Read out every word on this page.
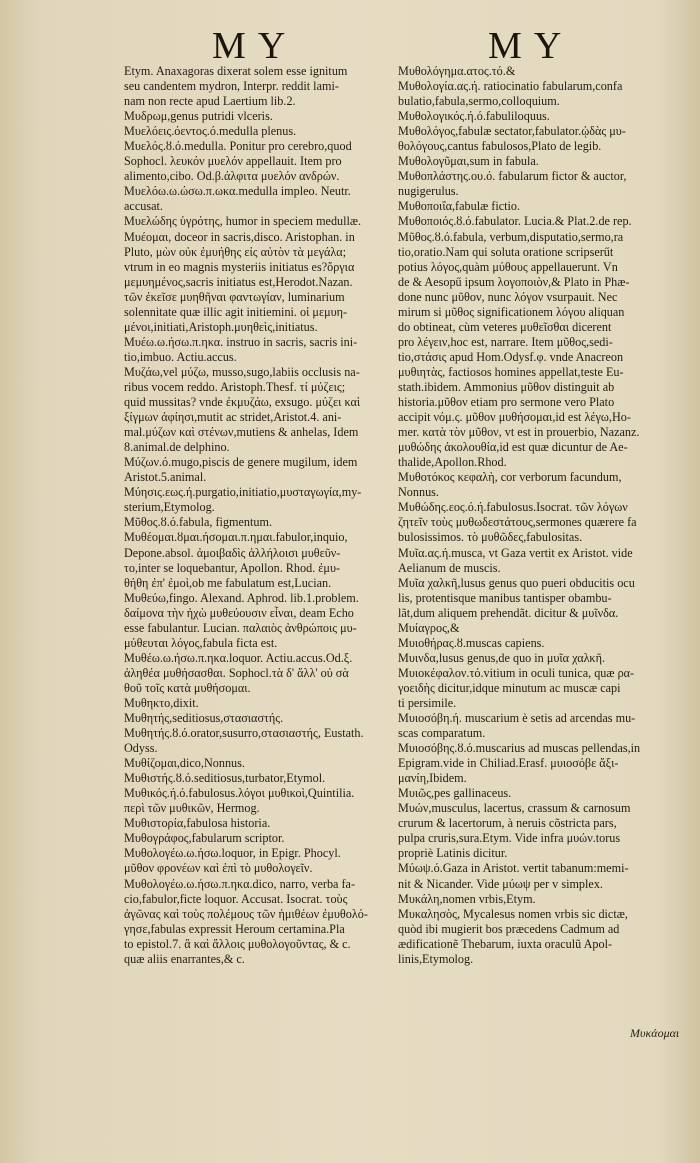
M Y	M Y
Etym. Anaxagoras dixerat solem esse ignitum
seu candentem mydron, Interpr. reddit lami-
nam non recte apud Laertium lib.2.
Μυδρωμ,genus putridi vlceris.
Μυελόεις.όεντος.ό.medulla plenus.
Μυελός.ȣ.ό.medulla. Ponitur pro cerebro,quod
Sophocl. λευκόν μυελόν appellauit. Item pro
alimento,cibo. Od.β.άλφιτα μυελόν ανδρών.
Μυελόω.ω.ώσω.π.ωκα.medulla impleo. Neutr.
accusat.
Μυελώδης ὑγρότης, humor in speciem medullæ.
Μυέομαι, doceor in sacris,disco. Aristophan. in
Pluto, μὼν οὐκ ἐμυήθης εἰς αὐτὸν τὰ μεγάλα;
vtrum in eo magnis mysteriis initiatus es?ὄργια
μεμυημένος,sacris initiatus est,Herodot.Nazan.
τῶν ἐκεῖσε μυηθῆναι φαντωγίαν, luminarium
solennitate quæ illic agit initiemini. οἱ μεμυη-
μένοι,initiati,Aristoph.μυηθεὶς,initiatus.
Μυέω.ω.ήσω.π.ηκα. instruo in sacris, sacris ini-
tio,imbuo. Actiu.accus.
Μυζάω,vel μύζω, musso,sugo,labiis occlusis na-
ribus vocem reddo. Aristoph.Thesf. τί μύζεις;
quid mussitas? vnde ἐκμυζάω, exsugo. μύζει καὶ
ξίγμων ἀφίησι,mutit ac stridet,Aristot.4. ani-
mal.μύζων καὶ στένων,mutiens & anhelas, Idem
8.animal.de delphino.
Μύζων.ό.mugo,piscis de genere mugilum, idem
Aristot.5.animal.
Μύησις.εως.ή.purgatio,initiatio,μυσταγωγία,my-
sterium,Etymolog.
Μῦθος.ȣ.ό.fabula, figmentum.
Μυθέομαι.ȣμαι.ήσομαι.π.ημαι.fabulor,inquio,
Depone.absol. ἀμοιβαδὶς ἀλλήλοισι μυθεῦν-
το,inter se loquebantur, Apollon. Rhod. ἐμυ-
θήθη ἐπ' ἐμοὶ,ob me fabulatum est,Lucian.
Μυθεύω,fingo. Alexand. Aphrod. lib.1.problem.
δαίμονα τὴν ἠχὼ μυθεύουσιν εἶναι, deam Echo
esse fabulantur. Lucian. παλαιὸς ἀνθρώποις μυ-
μύθευται λόγος,fabula ficta est.
Μυθέω.ω.ήσω.π.ηκα.loquor. Actiu.accus.Od.ξ.
ἀληθέα μυθήσασθαι. Sophocl.τὰ δ' ἄλλ' οὐ σὰ
θοῦ τοῖς κατὰ μυθήσομαι.
Μυθηκτο,dixit.
Μυθητής,seditiosus,στασιαστής.
Μυθητής.ȣ.ό.orator,susurro,στασιαστής, Eustath.
Odyss.
Μυθίζομαι,dico,Nonnus.
Μυθιστής.ȣ.ό.seditiosus,turbator,Etymol.
Μυθικός.ή.ό.fabulosus.λόγοι μυθικοὶ,Quintilia.
περὶ τῶν μυθικῶν, Hermog.
Μυθιστορία,fabulosa historia.
Μυθογράφος,fabularum scriptor.
Μυθολογέω.ω.ήσω.loquor, in Epigr. Phocyl.
μῦθον φρονέων καὶ ἐπὶ τὸ μυθολογεῖν.
Μυθολογέω.ω.ήσω.π.ηκα.dico, narro, verba fa-
cio,fabulor,ficte loquor. Accusat. Isocrat. τοὺς
ἀγῶνας καὶ τοὺς πολέμους τῶν ἡμιθέων ἐμυθολό-
γησε,fabulas expressit Heroum certamina.Pla
to epistol.7. ἃ καὶ ἄλλοις μυθολογοῦντας, & c.
quæ aliis enarrantes,& c.
Μυθολόγημα.ατος.τό.&
Μυθολογία.ας.ή. ratiocinatio fabularum,confa
bulatio,fabula,sermo,colloquium.
Μυθολογικός.ή.ό.fabuliloquus.
Μυθολόγος,fabulæ sectator,fabulator.ᾠδὰς μυ-
θολόγους,cantus fabulosos,Plato de legib.
Μυθολογῦμαι,sum in fabula.
Μυθοπλάστης.ου.ό. fabularum fictor & auctor,
nugigerulus.
Μυθοποιΐα,fabulæ fictio.
Μυθοποιός.ȣ.ό.fabulator. Lucia.& Plat.2.de rep.
Μῦθος.ȣ.ό.fabula, verbum,disputatio,sermo,ra
tio,oratio.Nam qui soluta oratione scripserűt
potius λόγος,quàm μύθους appellauerunt. Vn
de & Aesopű ipsum λογοποιὸν,& Plato in Phæ-
done nunc μῦθον, nunc λόγον vsurpauit. Nec
mirum si μῦθος significationem λόγου aliquan
do obtineat, cùm veteres μυθεῖσθαι dicerent
pro λέγειν,hoc est, narrare. Item μῦθος,sedi-
tio,στάσις apud Hom.Odysf.φ. vnde Anacreon
μυθιητὰς, factiosos homines appellat,teste Eu-
stath.ibidem. Ammonius μῦθον distinguit ab
historia.μῦθον etiam pro sermone vero Plato
accipit νόμ.ς. μῦθον μυθήσομαι,id est λέγω,Ho-
mer. κατὰ τὸν μῦθον, vt est in prouerbio, Nazanz.
μυθώδης ἀκολουθία,id est quæ dicuntur de Ae-
thalide,Apollon.Rhod.
Μυθοτόκος κεφαλὴ, cor verborum facundum,
Nonnus.
Μυθώδης.εος.ό.ή.fabulosus.Isocrat. τῶν λόγων
ζητεῖν τοὺς μυθωδεστάτους,sermones quærere fa
bulosissimos. τὸ μυθῶδες,fabulositas.
Μυῖα.ας.ή.musca, vt Gaza vertit ex Aristot. vide
Aelianum de muscis.
Μυῖα χαλκῆ,lusus genus quo pueri obducitis ocu
lis, protentisque manibus tantisper obambu-
lãt,dum aliquem prehendãt. dicitur & μυῖνδα.
Μυίαγρος,&
Μυιοθήρας.ȣ.muscas capiens.
Μυινδα,lusus genus,de quo in μυῖα χαλκῆ.
Μυιοκέφαλον.τό.vitium in oculi tunica, quæ ρα-
γοειδὴς dicitur,idque minutum ac muscæ capi
ti persimile.
Μυιοσόβη.ή. muscarium è setis ad arcendas mu-
scas comparatum.
Μυιοσόβης.ȣ.ό.muscarius ad muscas pellendas,in
Epigram.vide in Chiliad.Erasf. μυιοσόβε ἄξι-
μανίη,Ibidem.
Μυιῶς,pes gallinaceus.
Μυών,musculus, lacertus, crassum & carnosum
crurum & lacertorum, à neruis cõstricta pars,
pulpa cruris,sura.Etym. Vide infra μυών.torus
propriè Latinis dicitur.
Μύωψ.ό.Gaza in Aristot. vertit tabanum:memi-
nit & Nicander. Vide μύωψ per v simplex.
Μυκάλη,nomen vrbis,Etym.
Μυκαλησὸς, Mycalesus nomen vrbis sic dictæ,
quòd ibi mugierit bos præcedens Cadmum ad
ædificationẽ Thebarum, iuxta oraculũ Apol-
linis,Etymolog.
Μυκάομαι
